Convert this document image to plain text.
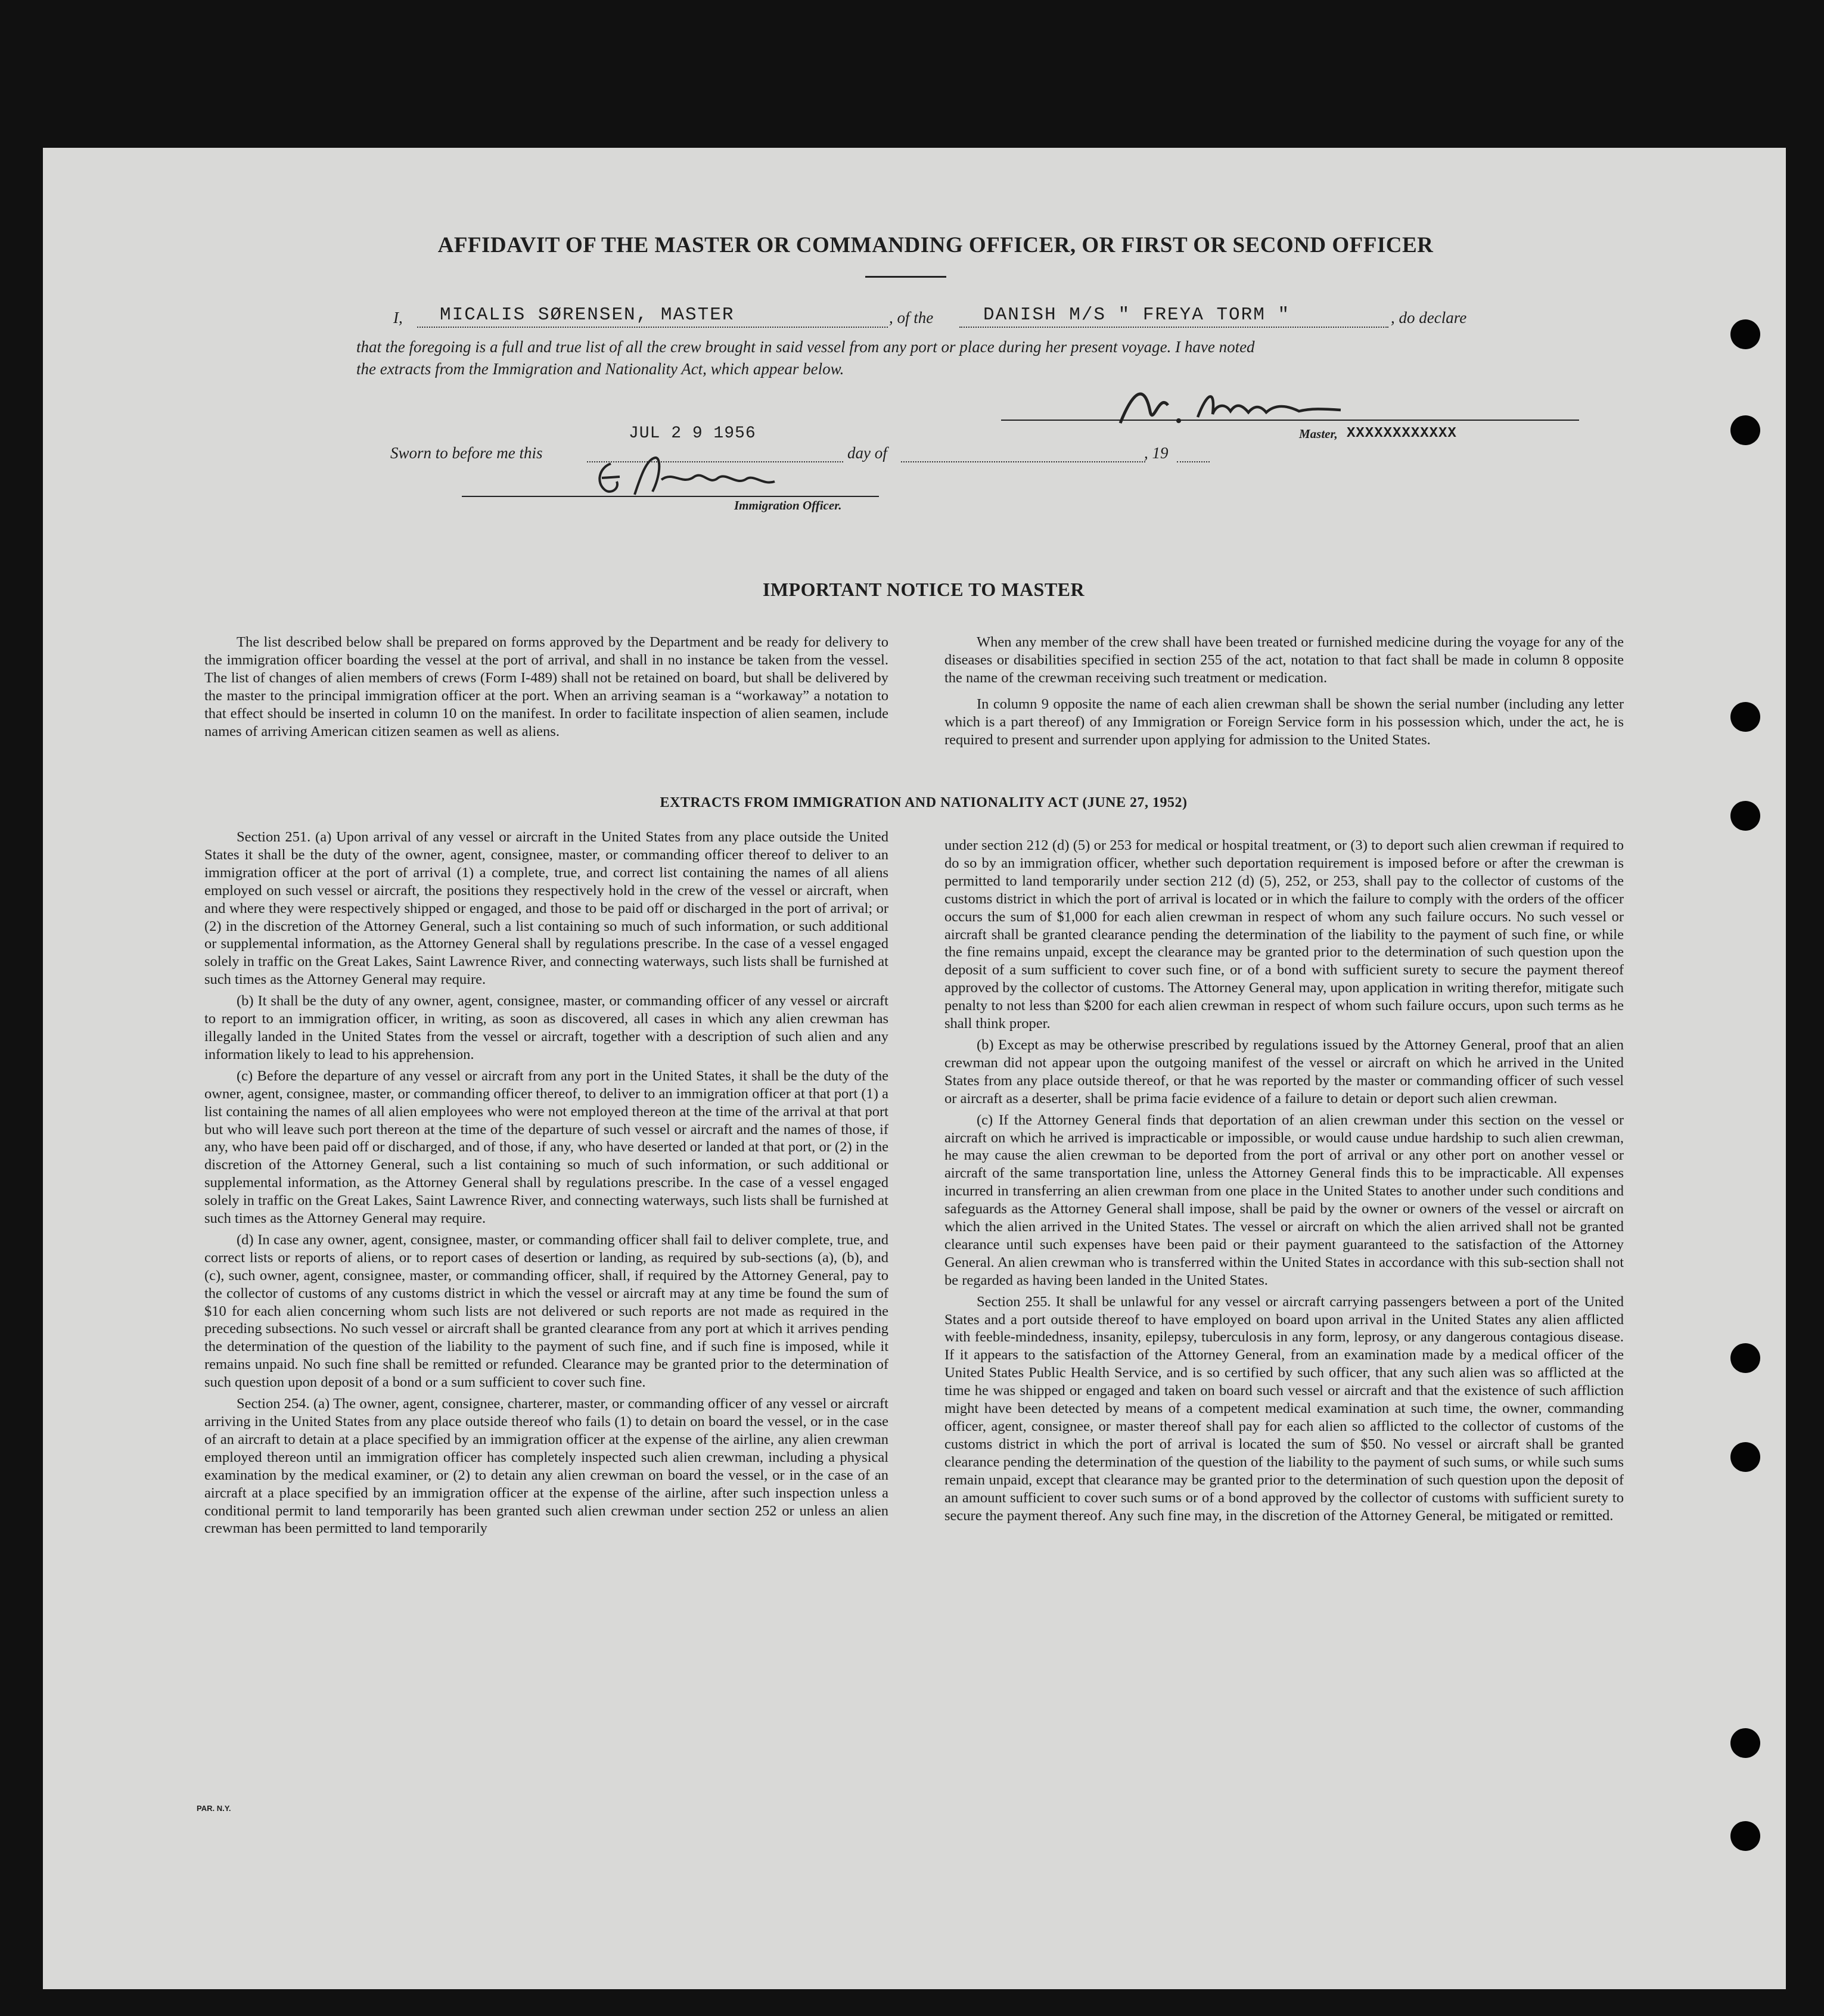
AFFIDAVIT OF THE MASTER OR COMMANDING OFFICER, OR FIRST OR SECOND OFFICER
I, MICALIS SØRENSEN, MASTER	, of the	DANISH M/S " FREYA TORM "	, do declare
that the foregoing is a full and true list of all the crew brought in said vessel from any port or place during her present voyage. I have noted
the extracts from the Immigration and Nationality Act, which appear below.
Master, XXXXXXXXXXXX
JUL 2 9 1956
Sworn to before me this	day of	, 19
Immigration Officer.
IMPORTANT NOTICE TO MASTER

The list described below shall be prepared on forms approved by the Department and be ready for delivery to the immigration officer boarding the vessel at the port of arrival, and shall in no instance be taken from the vessel. The list of changes of alien members of crews (Form I-489) shall not be retained on board, but shall be delivered by the master to the principal immigration officer at the port. When an arriving seaman is a “workaway” a notation to that effect should be inserted in column 10 on the manifest. In order to facilitate inspection of alien seamen, include names of arriving American citizen seamen as well as aliens.

When any member of the crew shall have been treated or furnished medicine during the voyage for any of the diseases or disabilities specified in section 255 of the act, notation to that fact shall be made in column 8 opposite the name of the crewman receiving such treatment or medication.

In column 9 opposite the name of each alien crewman shall be shown the serial number (including any letter which is a part thereof) of any Immigration or Foreign Service form in his possession which, under the act, he is required to present and surrender upon applying for admission to the United States.

EXTRACTS FROM IMMIGRATION AND NATIONALITY ACT (JUNE 27, 1952)

Section 251. (a) Upon arrival of any vessel or aircraft in the United States from any place outside the United States it shall be the duty of the owner, agent, consignee, master, or commanding officer thereof to deliver to an immigration officer at the port of arrival (1) a complete, true, and correct list containing the names of all aliens employed on such vessel or aircraft, the positions they respectively hold in the crew of the vessel or aircraft, when and where they were respectively shipped or engaged, and those to be paid off or discharged in the port of arrival; or (2) in the discretion of the Attorney General, such a list containing so much of such information, or such additional or supplemental information, as the Attorney General shall by regulations prescribe. In the case of a vessel engaged solely in traffic on the Great Lakes, Saint Lawrence River, and connecting waterways, such lists shall be furnished at such times as the Attorney General may require.

(b) It shall be the duty of any owner, agent, consignee, master, or commanding officer of any vessel or aircraft to report to an immigration officer, in writing, as soon as discovered, all cases in which any alien crewman has illegally landed in the United States from the vessel or aircraft, together with a description of such alien and any information likely to lead to his apprehension.

(c) Before the departure of any vessel or aircraft from any port in the United States, it shall be the duty of the owner, agent, consignee, master, or commanding officer thereof, to deliver to an immigration officer at that port (1) a list containing the names of all alien employees who were not employed thereon at the time of the arrival at that port but who will leave such port thereon at the time of the departure of such vessel or aircraft and the names of those, if any, who have been paid off or discharged, and of those, if any, who have deserted or landed at that port, or (2) in the discretion of the Attorney General, such a list containing so much of such information, or such additional or supplemental information, as the Attorney General shall by regulations prescribe. In the case of a vessel engaged solely in traffic on the Great Lakes, Saint Lawrence River, and connecting waterways, such lists shall be furnished at such times as the Attorney General may require.

(d) In case any owner, agent, consignee, master, or commanding officer shall fail to deliver complete, true, and correct lists or reports of aliens, or to report cases of desertion or landing, as required by sub-sections (a), (b), and (c), such owner, agent, consignee, master, or commanding officer, shall, if required by the Attorney General, pay to the collector of customs of any customs district in which the vessel or aircraft may at any time be found the sum of $10 for each alien concerning whom such lists are not delivered or such reports are not made as required in the preceding subsections. No such vessel or aircraft shall be granted clearance from any port at which it arrives pending the determination of the question of the liability to the payment of such fine, and if such fine is imposed, while it remains unpaid. No such fine shall be remitted or refunded. Clearance may be granted prior to the determination of such question upon deposit of a bond or a sum sufficient to cover such fine.

Section 254. (a) The owner, agent, consignee, charterer, master, or commanding officer of any vessel or aircraft arriving in the United States from any place outside thereof who fails (1) to detain on board the vessel, or in the case of an aircraft to detain at a place specified by an immigration officer at the expense of the airline, any alien crewman employed thereon until an immigration officer has completely inspected such alien crewman, including a physical examination by the medical examiner, or (2) to detain any alien crewman on board the vessel, or in the case of an aircraft at a place specified by an immigration officer at the expense of the airline, after such inspection unless a conditional permit to land temporarily has been granted such alien crewman under section 252 or unless an alien crewman has been permitted to land temporarily

under section 212 (d) (5) or 253 for medical or hospital treatment, or (3) to deport such alien crewman if required to do so by an immigration officer, whether such deportation requirement is imposed before or after the crewman is permitted to land temporarily under section 212 (d) (5), 252, or 253, shall pay to the collector of customs of the customs district in which the port of arrival is located or in which the failure to comply with the orders of the officer occurs the sum of $1,000 for each alien crewman in respect of whom any such failure occurs. No such vessel or aircraft shall be granted clearance pending the determination of the liability to the payment of such fine, or while the fine remains unpaid, except the clearance may be granted prior to the determination of such question upon the deposit of a sum sufficient to cover such fine, or of a bond with sufficient surety to secure the payment thereof approved by the collector of customs. The Attorney General may, upon application in writing therefor, mitigate such penalty to not less than $200 for each alien crewman in respect of whom such failure occurs, upon such terms as he shall think proper.

(b) Except as may be otherwise prescribed by regulations issued by the Attorney General, proof that an alien crewman did not appear upon the outgoing manifest of the vessel or aircraft on which he arrived in the United States from any place outside thereof, or that he was reported by the master or commanding officer of such vessel or aircraft as a deserter, shall be prima facie evidence of a failure to detain or deport such alien crewman.

(c) If the Attorney General finds that deportation of an alien crewman under this section on the vessel or aircraft on which he arrived is impracticable or impossible, or would cause undue hardship to such alien crewman, he may cause the alien crewman to be deported from the port of arrival or any other port on another vessel or aircraft of the same transportation line, unless the Attorney General finds this to be impracticable. All expenses incurred in transferring an alien crewman from one place in the United States to another under such conditions and safeguards as the Attorney General shall impose, shall be paid by the owner or owners of the vessel or aircraft on which the alien arrived in the United States. The vessel or aircraft on which the alien arrived shall not be granted clearance until such expenses have been paid or their payment guaranteed to the satisfaction of the Attorney General. An alien crewman who is transferred within the United States in accordance with this sub-section shall not be regarded as having been landed in the United States.

Section 255. It shall be unlawful for any vessel or aircraft carrying passengers between a port of the United States and a port outside thereof to have employed on board upon arrival in the United States any alien afflicted with feeble-mindedness, insanity, epilepsy, tuberculosis in any form, leprosy, or any dangerous contagious disease. If it appears to the satisfaction of the Attorney General, from an examination made by a medical officer of the United States Public Health Service, and is so certified by such officer, that any such alien was so afflicted at the time he was shipped or engaged and taken on board such vessel or aircraft and that the existence of such affliction might have been detected by means of a competent medical examination at such time, the owner, commanding officer, agent, consignee, or master thereof shall pay for each alien so afflicted to the collector of customs of the customs district in which the port of arrival is located the sum of $50. No vessel or aircraft shall be granted clearance pending the determination of the question of the liability to the payment of such sums, or while such sums remain unpaid, except that clearance may be granted prior to the determination of such question upon the deposit of an amount sufficient to cover such sums or of a bond approved by the collector of customs with sufficient surety to secure the payment thereof. Any such fine may, in the discretion of the Attorney General, be mitigated or remitted.

PAR. N.Y.
